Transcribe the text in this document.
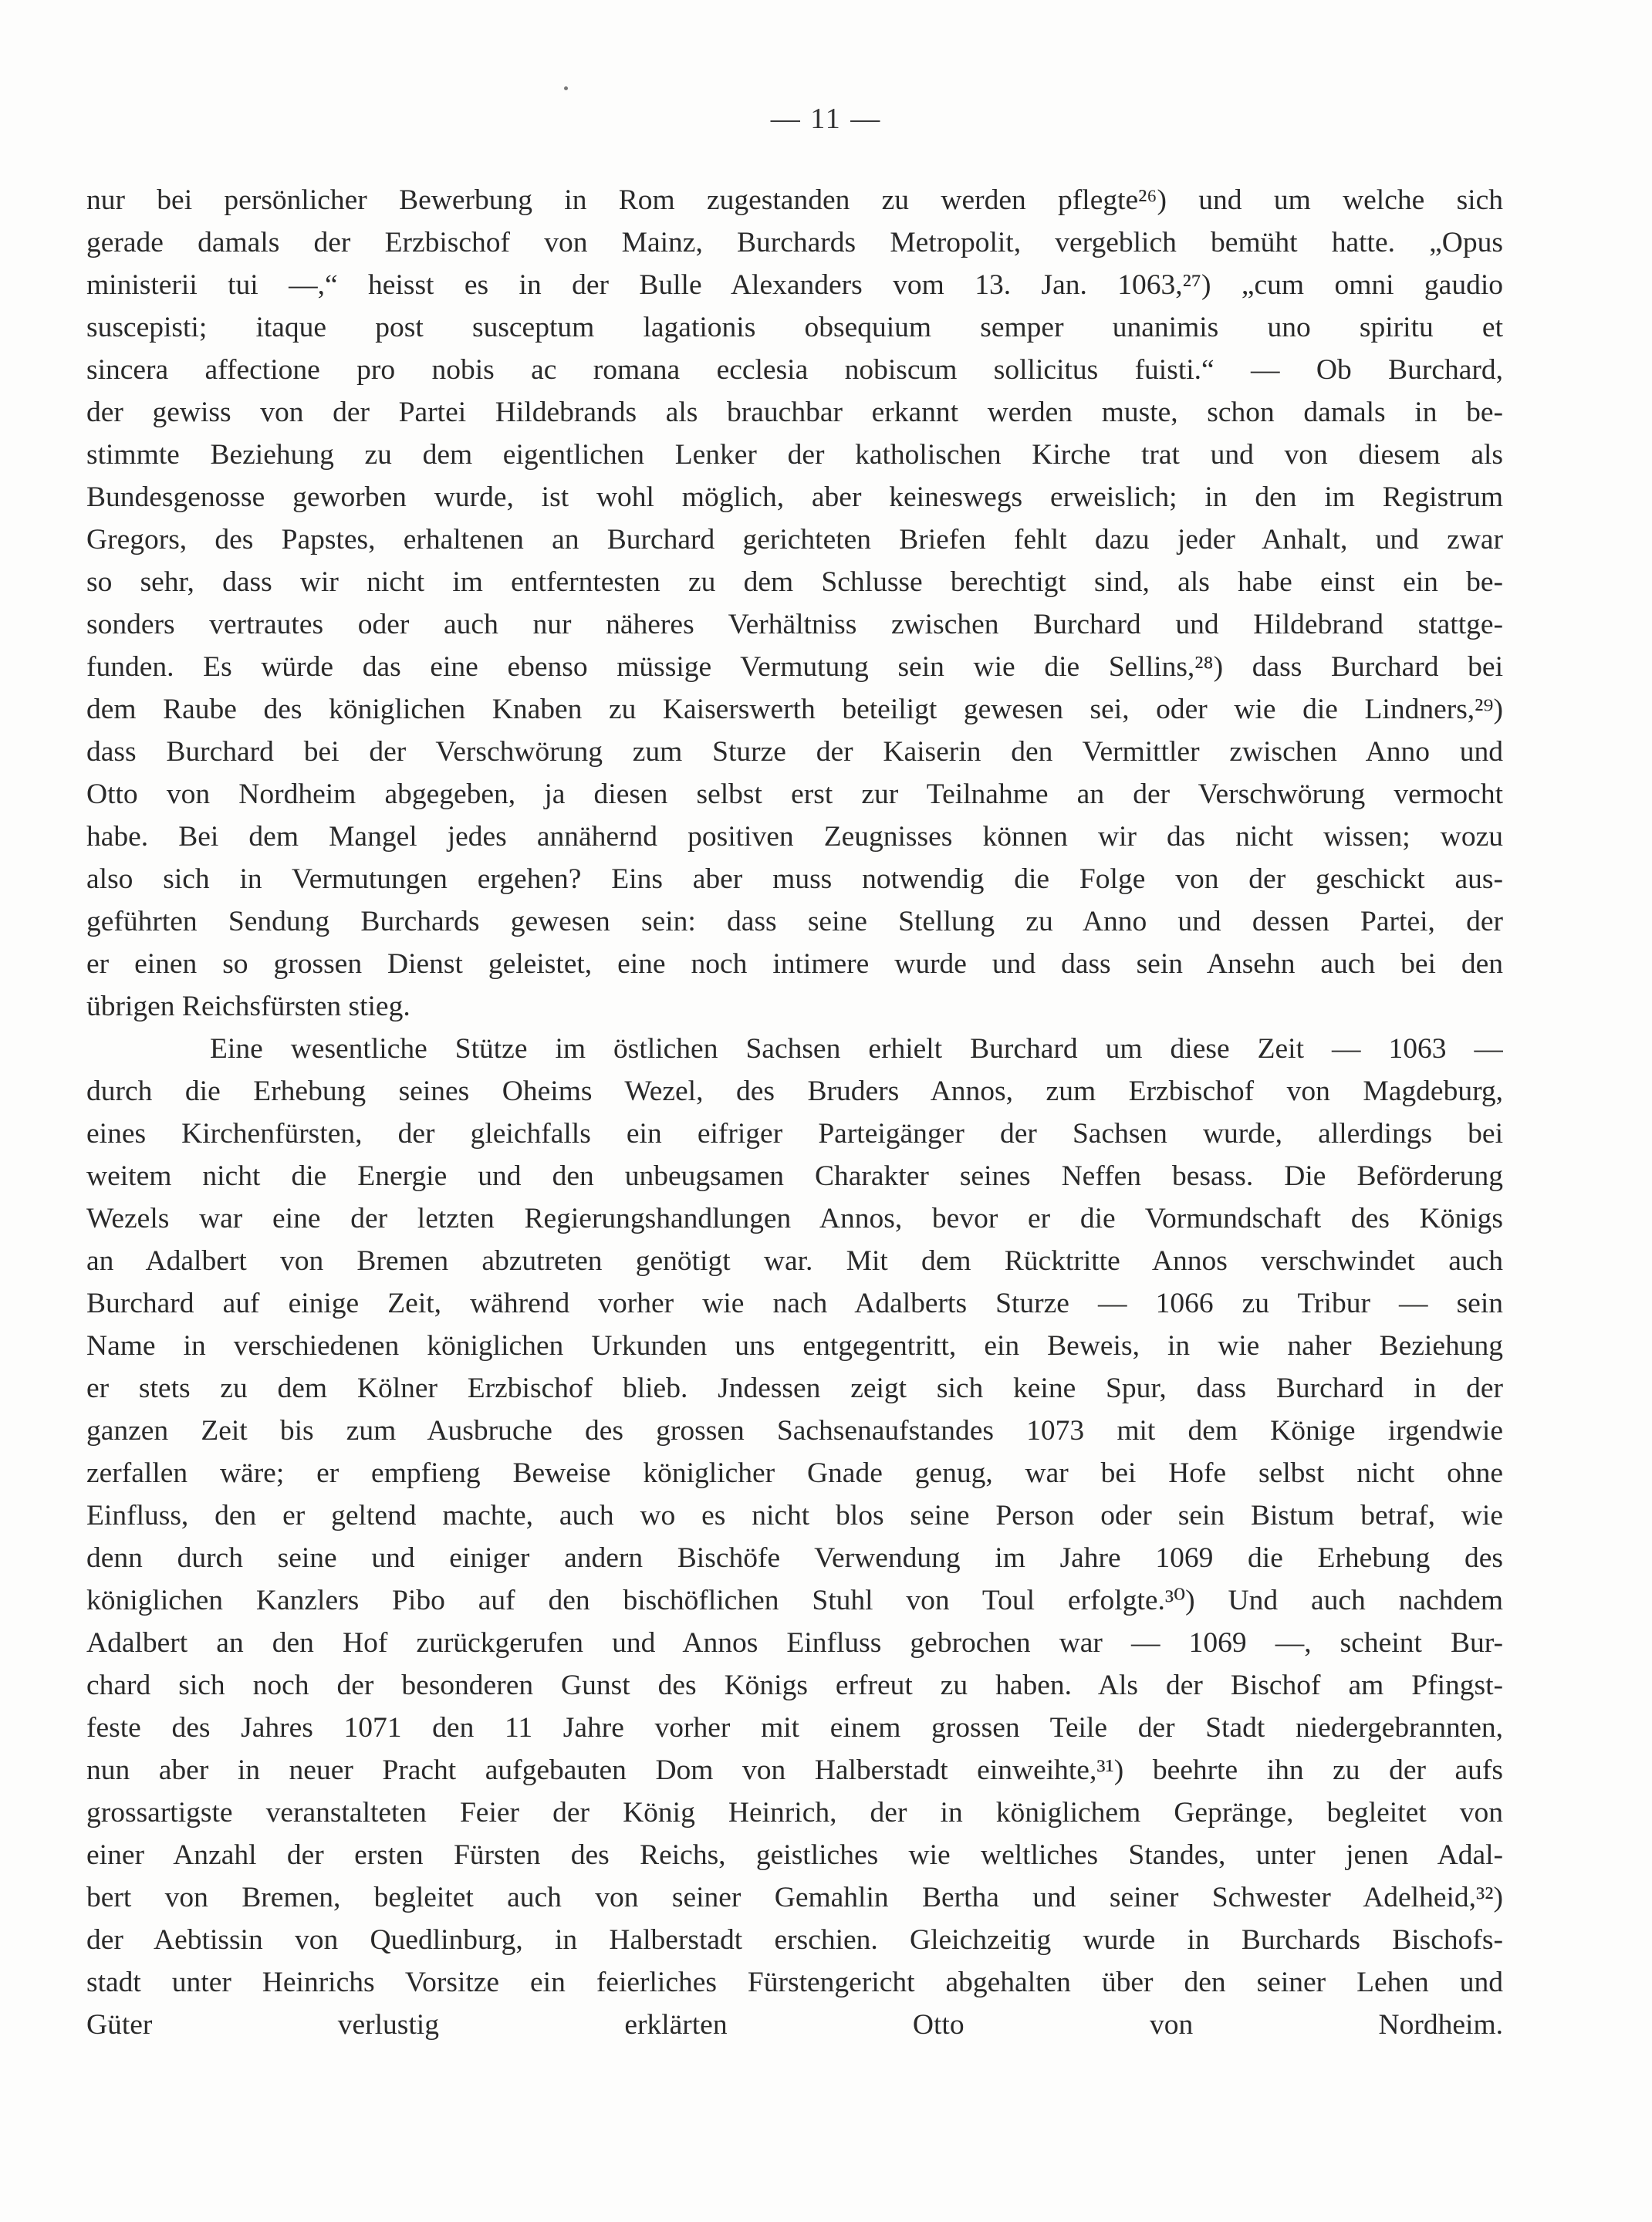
— 11 —
nur bei persönlicher Bewerbung in Rom zugestanden zu werden pflegte²⁶) und um welche sich
gerade damals der Erzbischof von Mainz, Burchards Metropolit, vergeblich bemüht hatte. „Opus
ministerii tui —,“ heisst es in der Bulle Alexanders vom 13. Jan. 1063,²⁷) „cum omni gaudio
suscepisti; itaque post susceptum lagationis obsequium semper unanimis uno spiritu et
sincera affectione pro nobis ac romana ecclesia nobiscum sollicitus fuisti.“ — Ob Burchard,
der gewiss von der Partei Hildebrands als brauchbar erkannt werden muste, schon damals in be-
stimmte Beziehung zu dem eigentlichen Lenker der katholischen Kirche trat und von diesem als
Bundesgenosse geworben wurde, ist wohl möglich, aber keineswegs erweislich; in den im Registrum
Gregors, des Papstes, erhaltenen an Burchard gerichteten Briefen fehlt dazu jeder Anhalt, und zwar
so sehr, dass wir nicht im entferntesten zu dem Schlusse berechtigt sind, als habe einst ein be-
sonders vertrautes oder auch nur näheres Verhältniss zwischen Burchard und Hildebrand stattge-
funden. Es würde das eine ebenso müssige Vermutung sein wie die Sellins,²⁸) dass Burchard bei
dem Raube des königlichen Knaben zu Kaiserswerth beteiligt gewesen sei, oder wie die Lindners,²⁹)
dass Burchard bei der Verschwörung zum Sturze der Kaiserin den Vermittler zwischen Anno und
Otto von Nordheim abgegeben, ja diesen selbst erst zur Teilnahme an der Verschwörung vermocht
habe. Bei dem Mangel jedes annähernd positiven Zeugnisses können wir das nicht wissen; wozu
also sich in Vermutungen ergehen? Eins aber muss notwendig die Folge von der geschickt aus-
geführten Sendung Burchards gewesen sein: dass seine Stellung zu Anno und dessen Partei, der
er einen so grossen Dienst geleistet, eine noch intimere wurde und dass sein Ansehn auch bei den
übrigen Reichsfürsten stieg.
Eine wesentliche Stütze im östlichen Sachsen erhielt Burchard um diese Zeit — 1063 —
durch die Erhebung seines Oheims Wezel, des Bruders Annos, zum Erzbischof von Magdeburg,
eines Kirchenfürsten, der gleichfalls ein eifriger Parteigänger der Sachsen wurde, allerdings bei
weitem nicht die Energie und den unbeugsamen Charakter seines Neffen besass. Die Beförderung
Wezels war eine der letzten Regierungshandlungen Annos, bevor er die Vormundschaft des Königs
an Adalbert von Bremen abzutreten genötigt war. Mit dem Rücktritte Annos verschwindet auch
Burchard auf einige Zeit, während vorher wie nach Adalberts Sturze — 1066 zu Tribur — sein
Name in verschiedenen königlichen Urkunden uns entgegentritt, ein Beweis, in wie naher Beziehung
er stets zu dem Kölner Erzbischof blieb. Jndessen zeigt sich keine Spur, dass Burchard in der
ganzen Zeit bis zum Ausbruche des grossen Sachsenaufstandes 1073 mit dem Könige irgendwie
zerfallen wäre; er empfieng Beweise königlicher Gnade genug, war bei Hofe selbst nicht ohne
Einfluss, den er geltend machte, auch wo es nicht blos seine Person oder sein Bistum betraf, wie
denn durch seine und einiger andern Bischöfe Verwendung im Jahre 1069 die Erhebung des
königlichen Kanzlers Pibo auf den bischöflichen Stuhl von Toul erfolgte.³⁰) Und auch nachdem
Adalbert an den Hof zurückgerufen und Annos Einfluss gebrochen war — 1069 —, scheint Bur-
chard sich noch der besonderen Gunst des Königs erfreut zu haben. Als der Bischof am Pfingst-
feste des Jahres 1071 den 11 Jahre vorher mit einem grossen Teile der Stadt niedergebrannten,
nun aber in neuer Pracht aufgebauten Dom von Halberstadt einweihte,³¹) beehrte ihn zu der aufs
grossartigste veranstalteten Feier der König Heinrich, der in königlichem Gepränge, begleitet von
einer Anzahl der ersten Fürsten des Reichs, geistliches wie weltliches Standes, unter jenen Adal-
bert von Bremen, begleitet auch von seiner Gemahlin Bertha und seiner Schwester Adelheid,³²)
der Aebtissin von Quedlinburg, in Halberstadt erschien. Gleichzeitig wurde in Burchards Bischofs-
stadt unter Heinrichs Vorsitze ein feierliches Fürstengericht abgehalten über den seiner Lehen und
Güter verlustig erklärten Otto von Nordheim.
